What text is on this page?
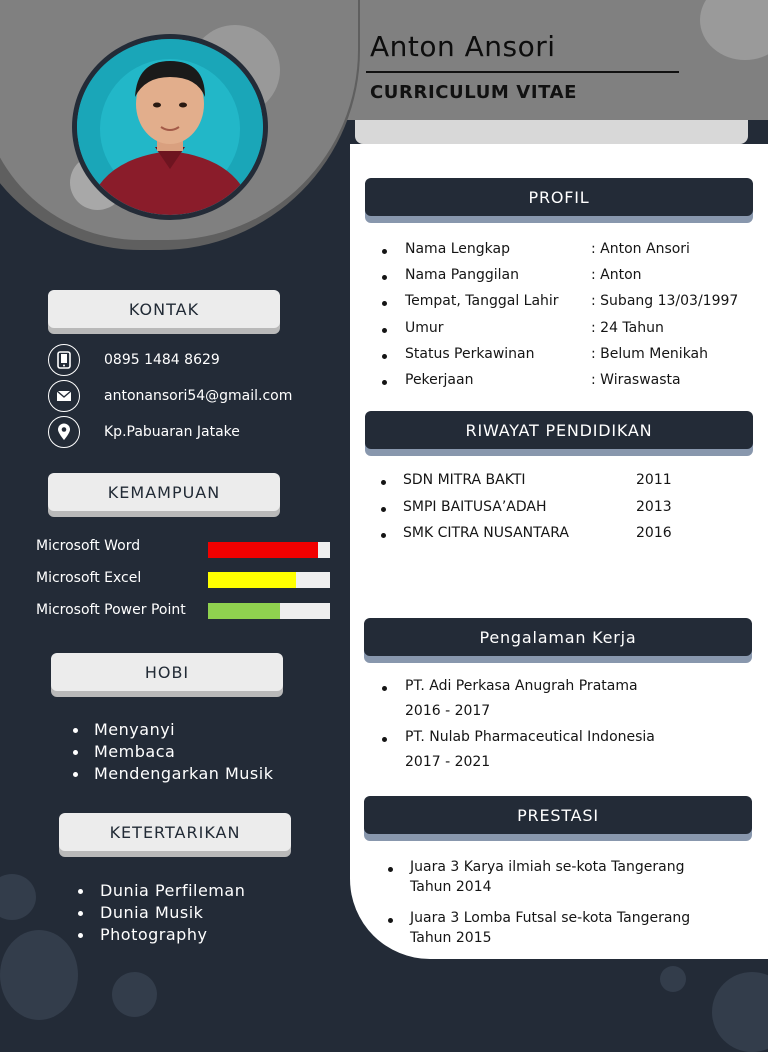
Anton Ansori
CURRICULUM VITAE
KONTAK
0895 1484 8629
antonansori54@gmail.com
Kp.Pabuaran Jatake
KEMAMPUAN
Microsoft Word
Microsoft Excel
Microsoft Power Point
HOBI
Menyanyi
Membaca
Mendengarkan Musik
KETERTARIKAN
Dunia Perfileman
Dunia Musik
Photography
PROFIL
Nama Lengkap	: Anton Ansori
Nama Panggilan	: Anton
Tempat, Tanggal Lahir : Subang 13/03/1997
Umur	: 24 Tahun
Status Perkawinan	: Belum Menikah
Pekerjaan	: Wiraswasta
RIWAYAT PENDIDIKAN
SDN MITRA BAKTI	2011
SMPI BAITUSA’ADAH	2013
SMK CITRA NUSANTARA	2016
Pengalaman Kerja
PT. Adi Perkasa Anugrah Pratama
2016 - 2017
PT. Nulab Pharmaceutical Indonesia
2017 - 2021
PRESTASI
Juara 3 Karya ilmiah se-kota Tangerang
Tahun 2014
Juara 3 Lomba Futsal se-kota Tangerang
Tahun 2015
